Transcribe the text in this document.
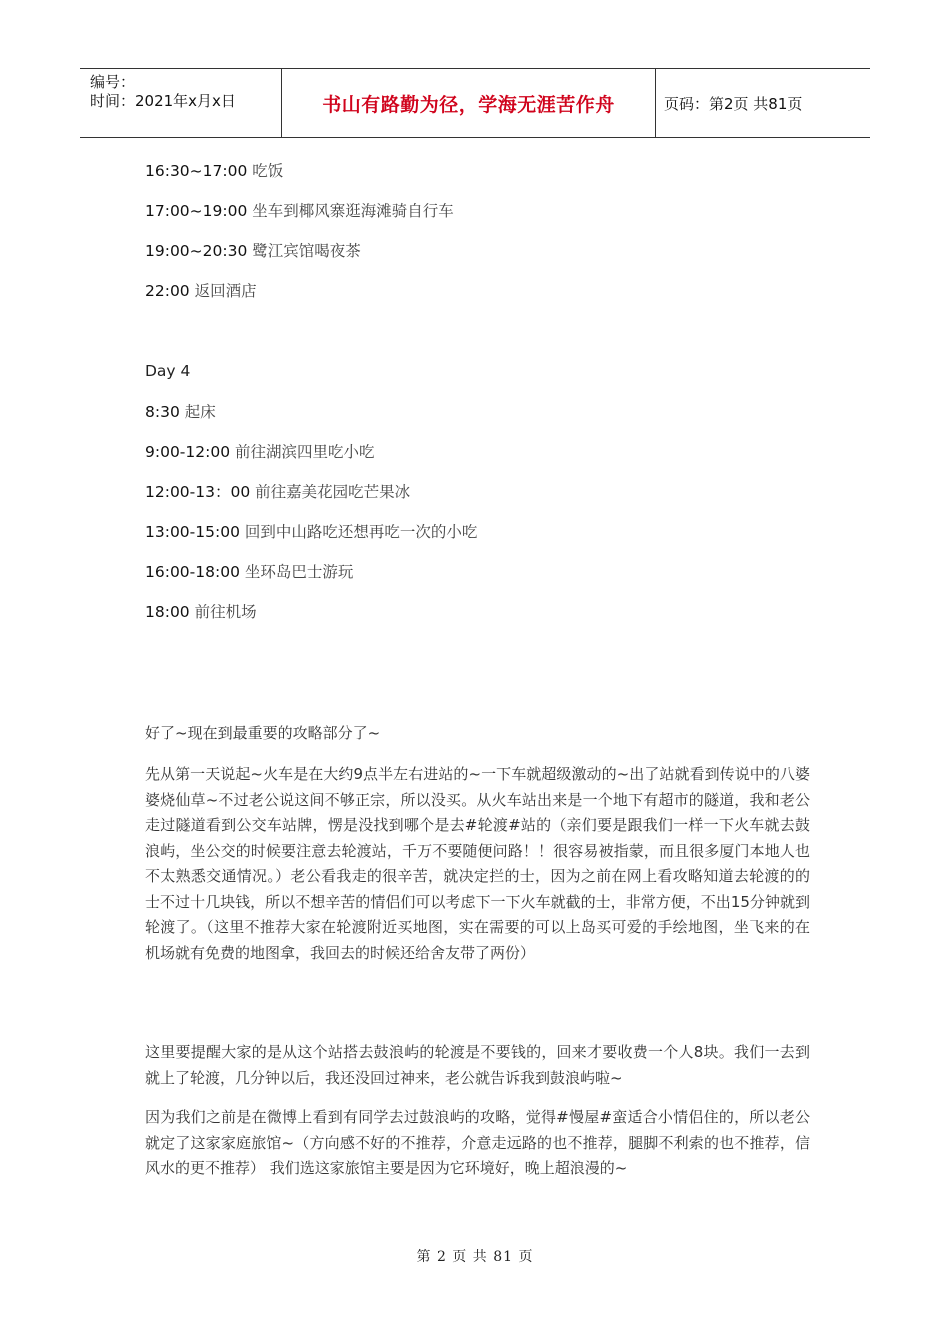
编号：
时间：2021年x月x日	书山有路勤为径，学海无涯苦作舟	页码：第2页 共81页
16:30~17:00 吃饭
17:00~19:00 坐车到椰风寨逛海滩骑自行车
19:00~20:30 鹭江宾馆喝夜茶
22:00 返回酒店
Day 4
8:30 起床
9:00-12:00 前往湖滨四里吃小吃
12:00-13：00 前往嘉美花园吃芒果冰
13:00-15:00 回到中山路吃还想再吃一次的小吃
16:00-18:00 坐环岛巴士游玩
18:00 前往机场
好了~现在到最重要的攻略部分了~
先从第一天说起~火车是在大约9点半左右进站的~一下车就超级激动的~出了站就看到传说中的八婆婆烧仙草~不过老公说这间不够正宗，所以没买。从火车站出来是一个地下有超市的隧道，我和老公走过隧道看到公交车站牌，愣是没找到哪个是去#轮渡#站的（亲们要是跟我们一样一下火车就去鼓浪屿，坐公交的时候要注意去轮渡站，千万不要随便问路！！很容易被指蒙，而且很多厦门本地人也不太熟悉交通情况。）老公看我走的很辛苦，就决定拦的士，因为之前在网上看攻略知道去轮渡的的士不过十几块钱，所以不想辛苦的情侣们可以考虑下一下火车就截的士，非常方便，不出15分钟就到轮渡了。（这里不推荐大家在轮渡附近买地图，实在需要的可以上岛买可爱的手绘地图，坐飞来的在机场就有免费的地图拿，我回去的时候还给舍友带了两份）
这里要提醒大家的是从这个站搭去鼓浪屿的轮渡是不要钱的，回来才要收费一个人8块。我们一去到就上了轮渡，几分钟以后，我还没回过神来，老公就告诉我到鼓浪屿啦~
因为我们之前是在微博上看到有同学去过鼓浪屿的攻略，觉得#慢屋#蛮适合小情侣住的，所以老公就定了这家家庭旅馆~（方向感不好的不推荐，介意走远路的也不推荐，腿脚不利索的也不推荐，信风水的更不推荐） 我们选这家旅馆主要是因为它环境好，晚上超浪漫的~
第 2 页 共 81 页
